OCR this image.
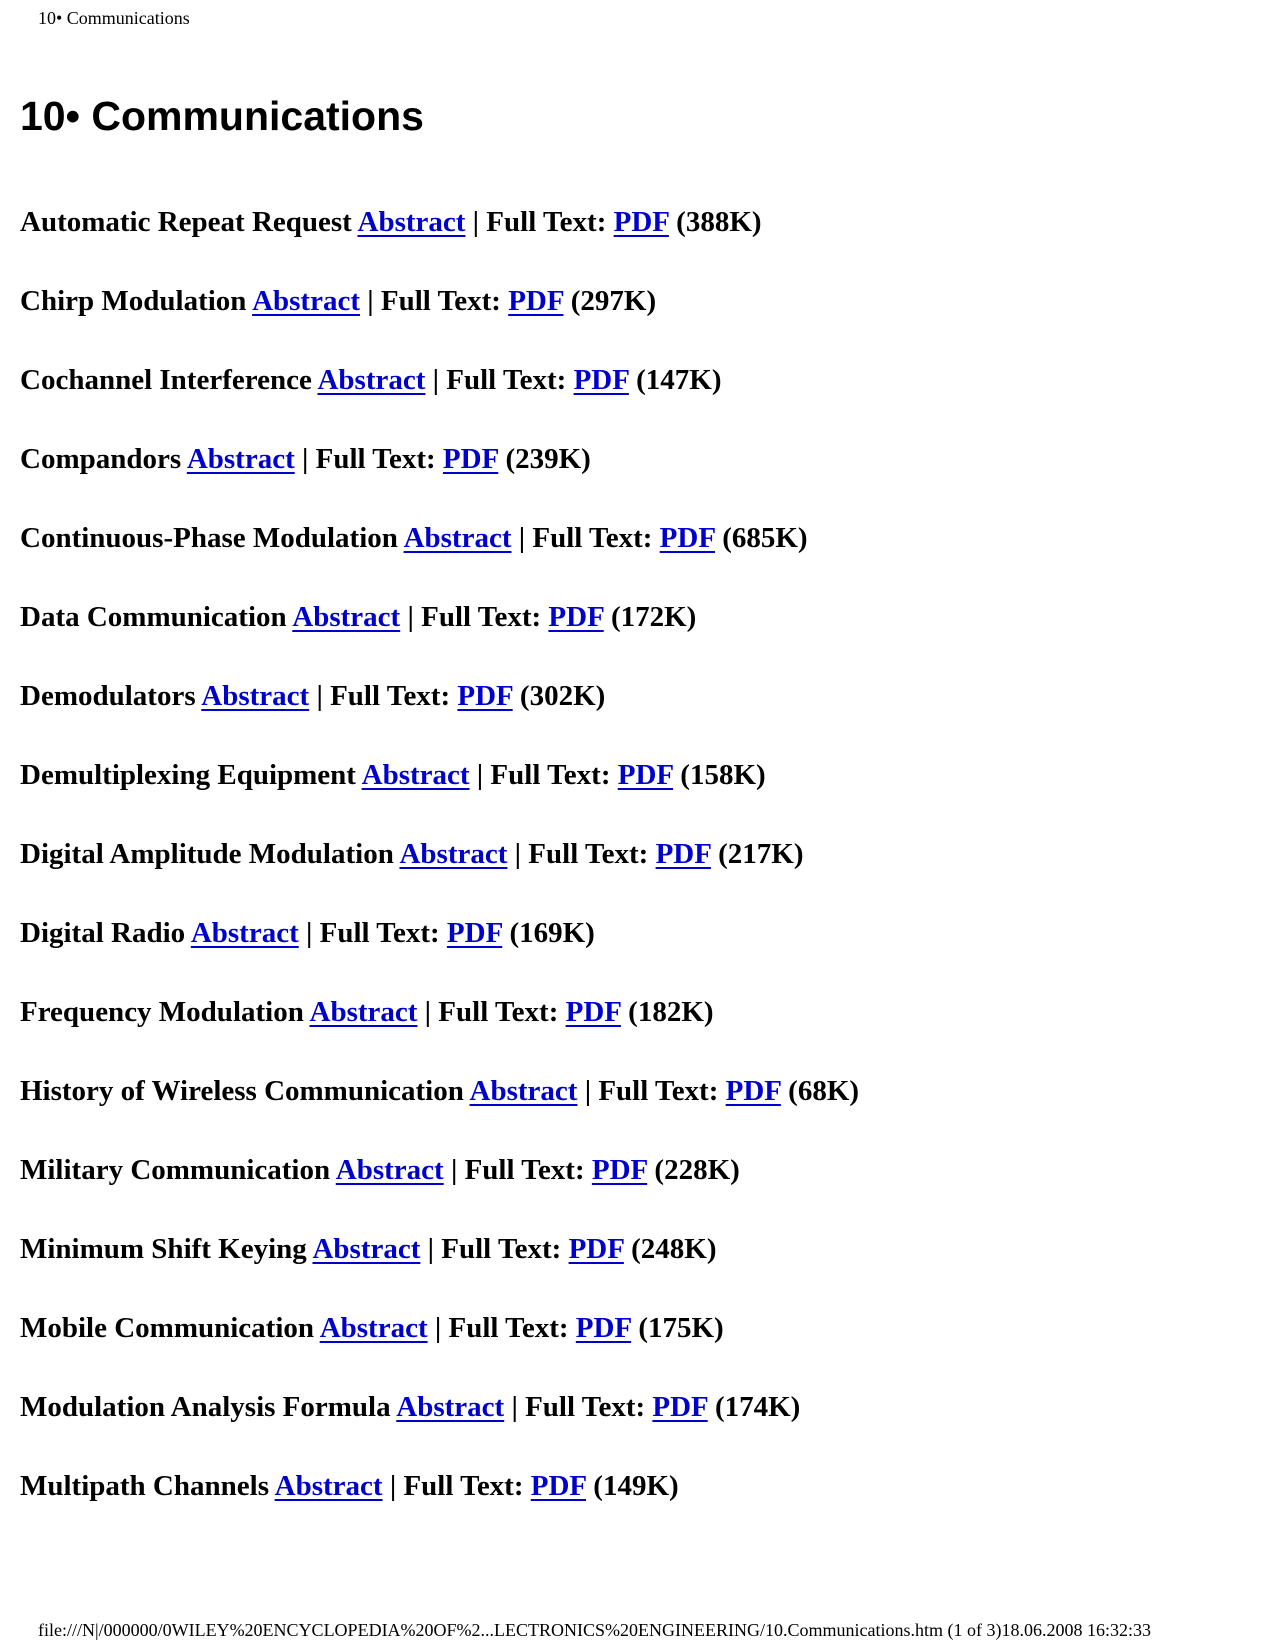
10• Communications
10• Communications
Automatic Repeat Request Abstract | Full Text: PDF (388K)
Chirp Modulation Abstract | Full Text: PDF (297K)
Cochannel Interference Abstract | Full Text: PDF (147K)
Compandors Abstract | Full Text: PDF (239K)
Continuous-Phase Modulation Abstract | Full Text: PDF (685K)
Data Communication Abstract | Full Text: PDF (172K)
Demodulators Abstract | Full Text: PDF (302K)
Demultiplexing Equipment Abstract | Full Text: PDF (158K)
Digital Amplitude Modulation Abstract | Full Text: PDF (217K)
Digital Radio Abstract | Full Text: PDF (169K)
Frequency Modulation Abstract | Full Text: PDF (182K)
History of Wireless Communication Abstract | Full Text: PDF (68K)
Military Communication Abstract | Full Text: PDF (228K)
Minimum Shift Keying Abstract | Full Text: PDF (248K)
Mobile Communication Abstract | Full Text: PDF (175K)
Modulation Analysis Formula Abstract | Full Text: PDF (174K)
Multipath Channels Abstract | Full Text: PDF (149K)
file:///N|/000000/0WILEY%20ENCYCLOPEDIA%20OF%2...LECTRONICS%20ENGINEERING/10.Communications.htm (1 of 3)18.06.2008 16:32:33
